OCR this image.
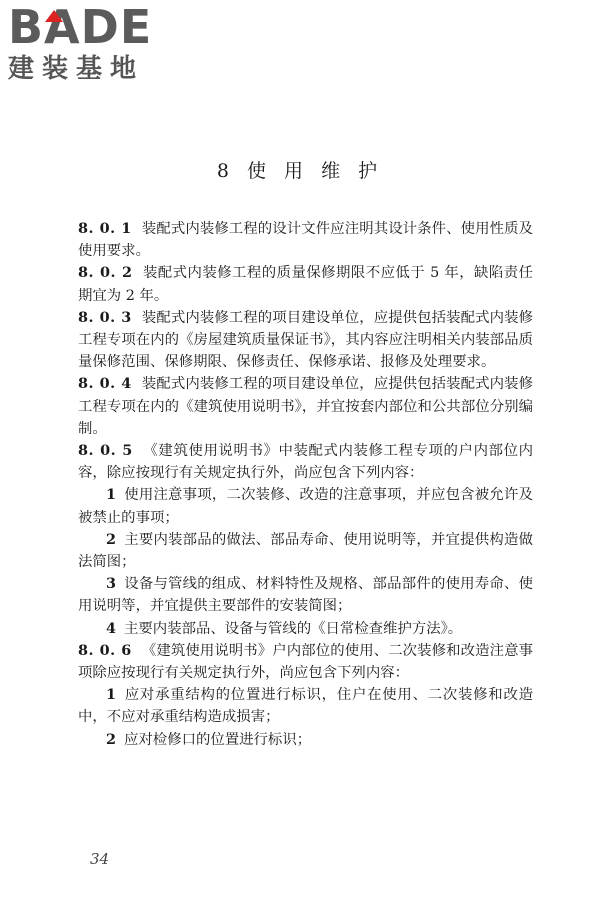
BADE
建装基地
8 使 用 维 护

8. 0. 1 装配式内装修工程的设计文件应注明其设计条件、使用性质及使用要求。

8. 0. 2 装配式内装修工程的质量保修期限不应低于 5 年，缺陷责任期宜为 2 年。

8. 0. 3 装配式内装修工程的项目建设单位，应提供包括装配式内装修工程专项在内的《房屋建筑质量保证书》，其内容应注明相关内装部品质量保修范围、保修期限、保修责任、保修承诺、报修及处理要求。

8. 0. 4 装配式内装修工程的项目建设单位，应提供包括装配式内装修工程专项在内的《建筑使用说明书》，并宜按套内部位和公共部位分别编制。

8. 0. 5 《建筑使用说明书》中装配式内装修工程专项的户内部位内容，除应按现行有关规定执行外，尚应包含下列内容：

1 使用注意事项，二次装修、改造的注意事项，并应包含被允许及被禁止的事项；

2 主要内装部品的做法、部品寿命、使用说明等，并宜提供构造做法简图；

3 设备与管线的组成、材料特性及规格、部品部件的使用寿命、使用说明等，并宜提供主要部件的安装简图；

4 主要内装部品、设备与管线的《日常检查维护方法》。

8. 0. 6 《建筑使用说明书》户内部位的使用、二次装修和改造注意事项除应按现行有关规定执行外，尚应包含下列内容：

1 应对承重结构的位置进行标识，住户在使用、二次装修和改造中，不应对承重结构造成损害；

2 应对检修口的位置进行标识；

34
